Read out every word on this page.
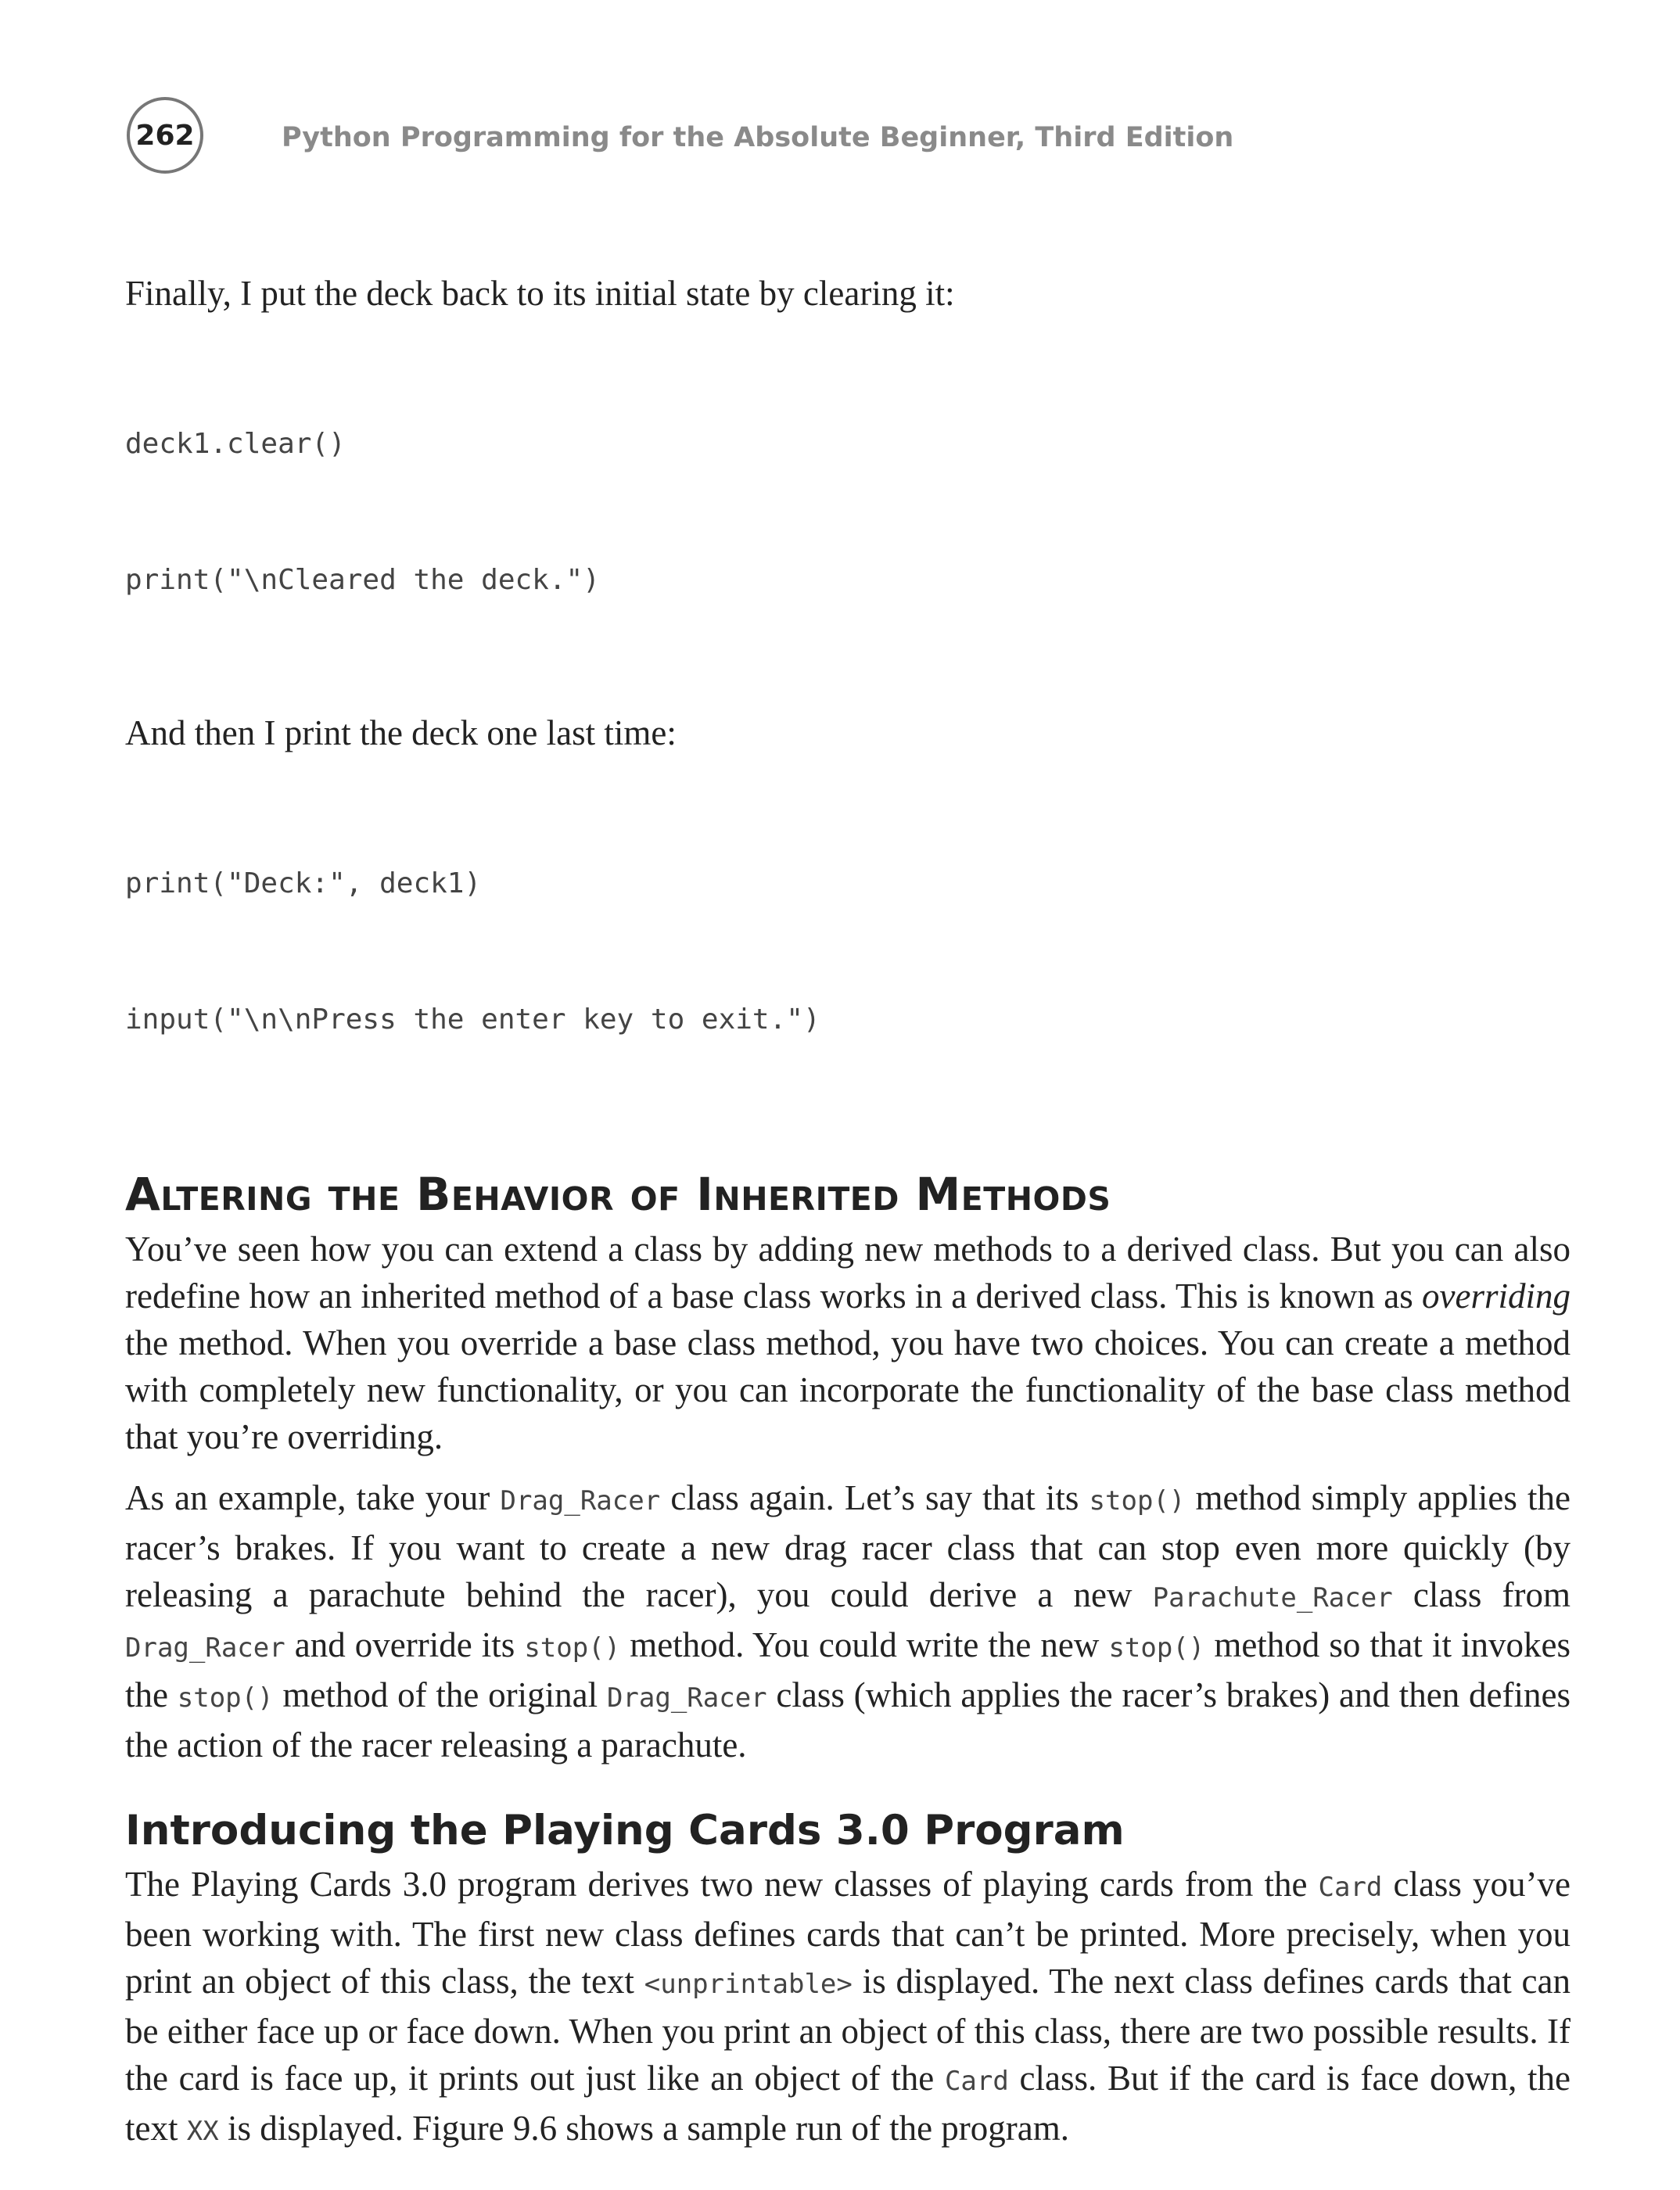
262	Python Programming for the Absolute Beginner, Third Edition

Finally, I put the deck back to its initial state by clearing it:

deck1.clear()

print("\nCleared the deck.")

And then I print the deck one last time:

print("Deck:", deck1)

input("\n\nPress the enter key to exit.")

Altering the Behavior of Inherited Methods

You’ve seen how you can extend a class by adding new methods to a derived class. But you can also redefine how an inherited method of a base class works in a derived class. This is known as overriding the method. When you override a base class method, you have two choices. You can create a method with completely new functionality, or you can incorporate the functionality of the base class method that you’re overriding.

As an example, take your Drag_Racer class again. Let’s say that its stop() method simply applies the racer’s brakes. If you want to create a new drag racer class that can stop even more quickly (by releasing a parachute behind the racer), you could derive a new Parachute_Racer class from Drag_Racer and override its stop() method. You could write the new stop() method so that it invokes the stop() method of the original Drag_Racer class (which applies the racer’s brakes) and then defines the action of the racer releasing a parachute.

Introducing the Playing Cards 3.0 Program

The Playing Cards 3.0 program derives two new classes of playing cards from the Card class you’ve been working with. The first new class defines cards that can’t be printed. More precisely, when you print an object of this class, the text <unprintable> is displayed. The next class defines cards that can be either face up or face down. When you print an object of this class, there are two possible results. If the card is face up, it prints out just like an object of the Card class. But if the card is face down, the text XX is displayed. Figure 9.6 shows a sample run of the program.
